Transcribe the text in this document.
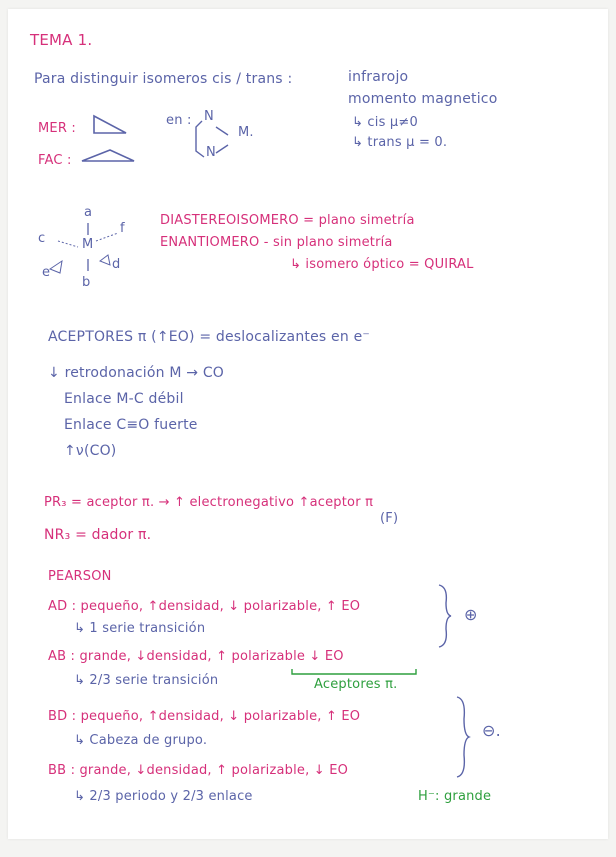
TEMA 1.
Para distinguir isomeros cis / trans :	infrarojo
momento magnetico
↳ cis μ≠0
↳ trans μ = 0.
MER :
FAC :
en : N
N
M.
a
c	M
f
e
d
b
DIASTEREOISOMERO = plano simetría
ENANTIOMERO - sin plano simetría
↳ isomero óptico = QUIRAL
ACEPTORES π (↑EO) = deslocalizantes en e⁻
↓ retrodonación M → CO
Enlace M-C débil
Enlace C≡O fuerte
↑ν(CO)
PR₃ = aceptor π. → ↑ electronegativo ↑aceptor π
(F)
NR₃ = dador π.
PEARSON
AD : pequeño, ↑densidad, ↓ polarizable, ↑ EO
↳ 1 serie transición
AB : grande, ↓densidad, ↑ polarizable ↓ EO
↳ 2/3 serie transición	Aceptores π.
⊕
BD : pequeño, ↑densidad, ↓ polarizable, ↑ EO
↳ Cabeza de grupo.
BB : grande, ↓densidad, ↑ polarizable, ↓ EO
↳ 2/3 periodo y 2/3 enlace	H⁻: grande
⊖.
